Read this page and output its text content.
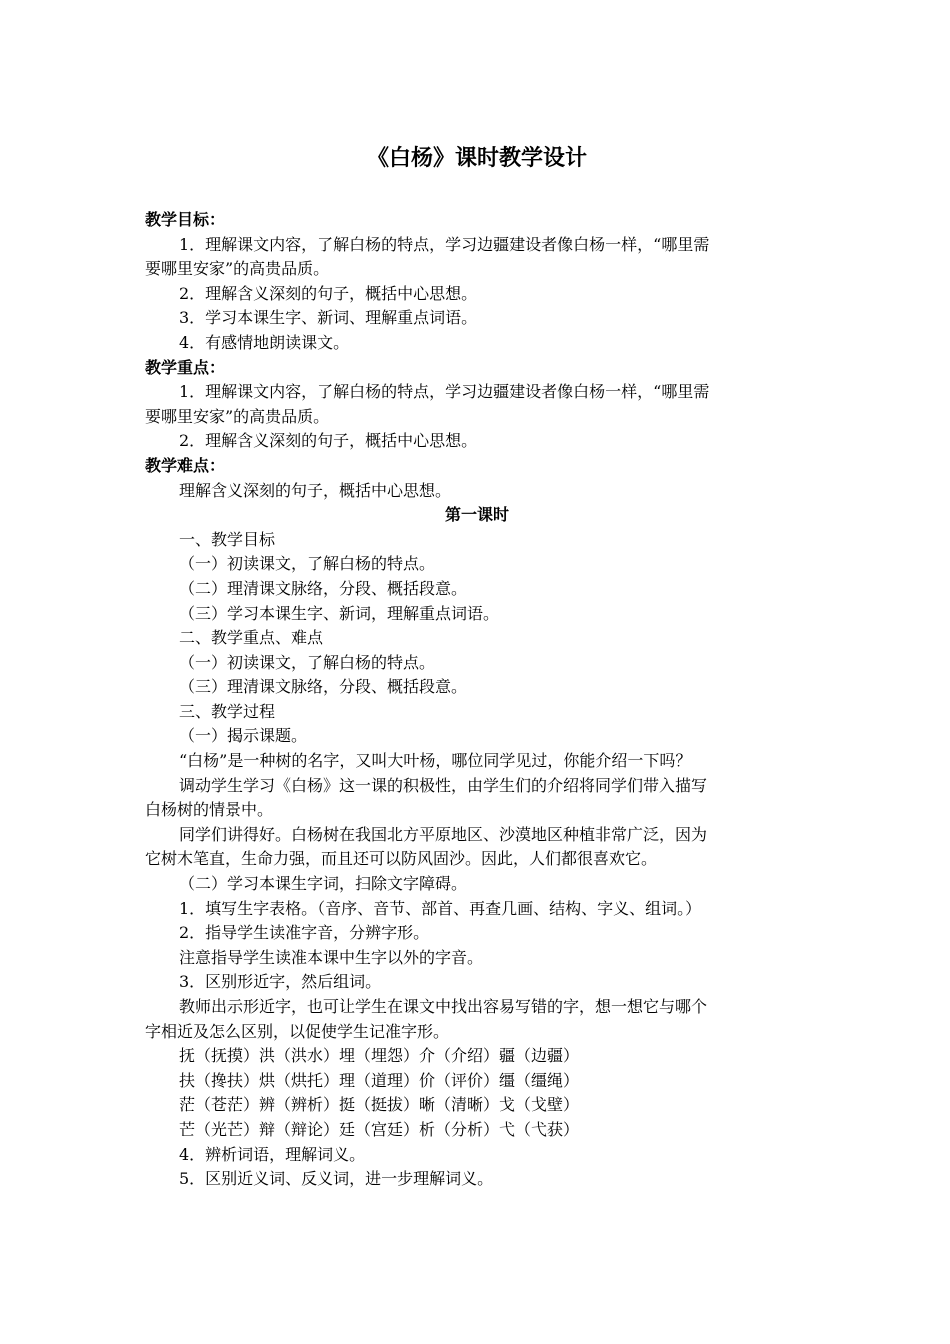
《白杨》课时教学设计

教学目标：

1．理解课文内容，了解白杨的特点，学习边疆建设者像白杨一样，“哪里需

要哪里安家”的高贵品质。

2．理解含义深刻的句子，概括中心思想。

3．学习本课生字、新词、理解重点词语。

4．有感情地朗读课文。

教学重点：

1．理解课文内容，了解白杨的特点，学习边疆建设者像白杨一样，“哪里需

要哪里安家”的高贵品质。

2．理解含义深刻的句子，概括中心思想。

教学难点：

理解含义深刻的句子，概括中心思想。

第一课时

一、教学目标

（一）初读课文，了解白杨的特点。

（二）理清课文脉络，分段、概括段意。

（三）学习本课生字、新词，理解重点词语。

二、教学重点、难点

（一）初读课文，了解白杨的特点。

（三）理清课文脉络，分段、概括段意。

三、教学过程

（一）揭示课题。

“白杨”是一种树的名字，又叫大叶杨，哪位同学见过，你能介绍一下吗？

调动学生学习《白杨》这一课的积极性，由学生们的介绍将同学们带入描写

白杨树的情景中。

同学们讲得好。白杨树在我国北方平原地区、沙漠地区种植非常广泛，因为

它树木笔直，生命力强，而且还可以防风固沙。因此，人们都很喜欢它。

（二）学习本课生字词，扫除文字障碍。

1．填写生字表格。（音序、音节、部首、再查几画、结构、字义、组词。）

2．指导学生读准字音，分辨字形。

注意指导学生读准本课中生字以外的字音。

3．区别形近字，然后组词。

教师出示形近字，也可让学生在课文中找出容易写错的字，想一想它与哪个

字相近及怎么区别，以促使学生记准字形。

抚（抚摸）洪（洪水）埋（埋怨）介（介绍）疆（边疆）

扶（搀扶）烘（烘托）理（道理）价（评价）缰（缰绳）

茫（苍茫）辨（辨析）挺（挺拔）晰（清晰）戈（戈壁）

芒（光芒）辩（辩论）廷（宫廷）析（分析）弋（弋获）

4．辨析词语，理解词义。

5．区别近义词、反义词，进一步理解词义。
